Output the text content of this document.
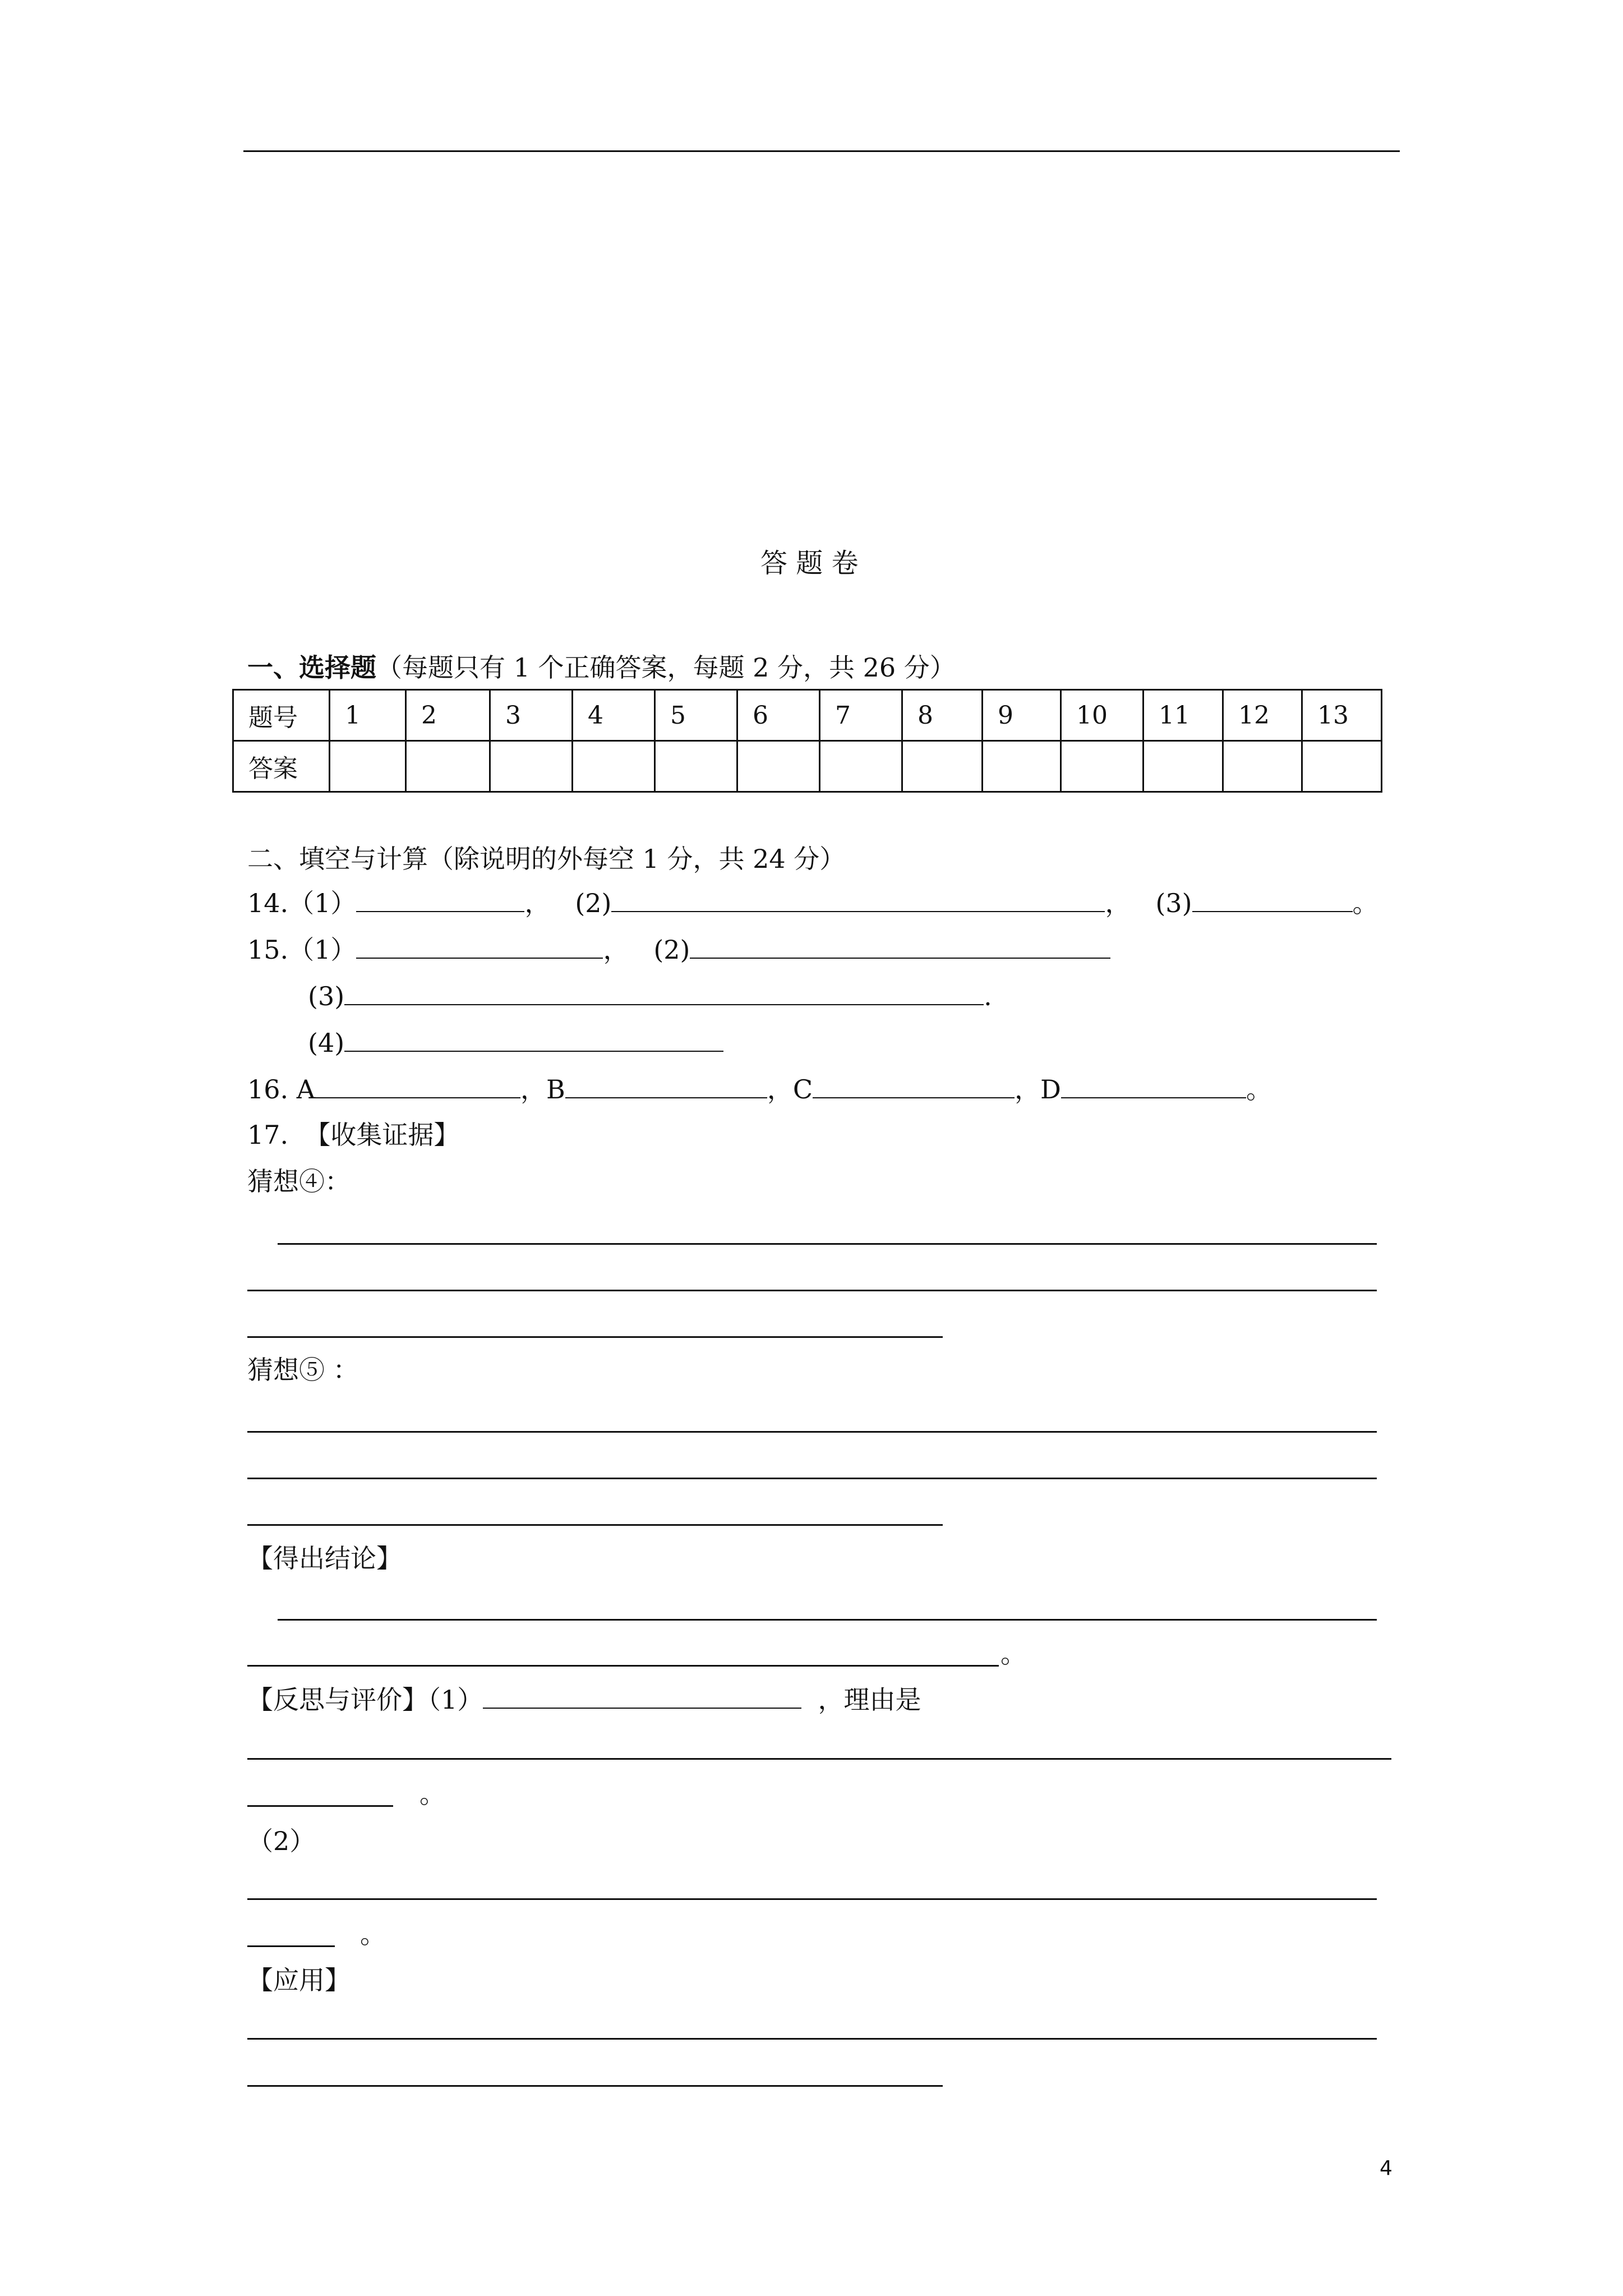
答 题 卷
一、选择题（每题只有 1 个正确答案，每题 2 分，共 26 分）
题号	1	2	3	4	5	6	7	8	9	10	11	12	13
答案													
二、填空与计算（除说明的外每空 1 分，共 24 分）
14.（1）	， (2)	， (3)	。
15.（1）	， (2)
(3)	.
(4)
16. A	，B	，C	，D	。
17. 【收集证据】
猜想④：
猜想⑤ ：
【得出结论】
。
【反思与评价】（1）	，理由是
。
（2）
。
【应用】
4
